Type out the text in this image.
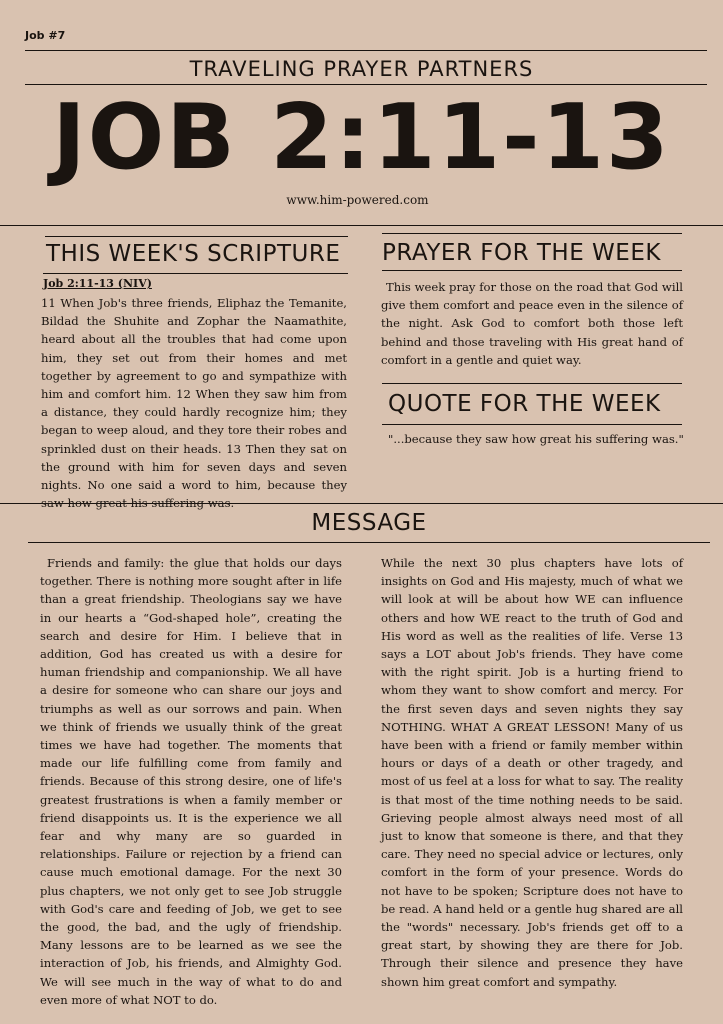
Job #7
TRAVELING PRAYER PARTNERS
JOB 2:11-13
www.him-powered.com
THIS WEEK'S SCRIPTURE
Job 2:11-13 (NIV)
11 When Job's three friends, Eliphaz the Temanite, Bildad the Shuhite and Zophar the Naamathite, heard about all the troubles that had come upon him, they set out from their homes and met together by agreement to go and sympathize with him and comfort him. 12 When they saw him from a distance, they could hardly recognize him; they began to weep aloud, and they tore their robes and sprinkled dust on their heads. 13 Then they sat on the ground with him for seven days and seven nights. No one said a word to him, because they saw how great his suffering was.
PRAYER FOR THE WEEK
This week pray for those on the road that God will give them comfort and peace even in the silence of the night. Ask God to comfort both those left behind and those traveling with His great hand of comfort in a gentle and quiet way.
QUOTE FOR THE WEEK
"...because they saw how great his suffering was."
MESSAGE
Friends and family: the glue that holds our days together. There is nothing more sought after in life than a great friendship. Theologians say we have in our hearts a “God-shaped hole”, creating the search and desire for Him. I believe that in addition, God has created us with a desire for human friendship and companionship. We all have a desire for someone who can share our joys and triumphs as well as our sorrows and pain. When we think of friends we usually think of the great times we have had together. The moments that made our life fulfilling come from family and friends. Because of this strong desire, one of life's greatest frustrations is when a family member or friend disappoints us. It is the experience we all fear and why many are so guarded in relationships. Failure or rejection by a friend can cause much emotional damage. For the next 30 plus chapters, we not only get to see Job struggle with God's care and feeding of Job, we get to see the good, the bad, and the ugly of friendship. Many lessons are to be learned as we see the interaction of Job, his friends, and Almighty God. We will see much in the way of what to do and even more of what NOT to do.
While the next 30 plus chapters have lots of insights on God and His majesty, much of what we will look at will be about how WE can influence others and how WE react to the truth of God and His word as well as the realities of life. Verse 13 says a LOT about Job's friends. They have come with the right spirit. Job is a hurting friend to whom they want to show comfort and mercy. For the first seven days and seven nights they say NOTHING. WHAT A GREAT LESSON! Many of us have been with a friend or family member within hours or days of a death or other tragedy, and most of us feel at a loss for what to say. The reality is that most of the time nothing needs to be said. Grieving people almost always need most of all just to know that someone is there, and that they care. They need no special advice or lectures, only comfort in the form of your presence. Words do not have to be spoken; Scripture does not have to be read. A hand held or a gentle hug shared are all the "words" necessary. Job's friends get off to a great start, by showing they are there for Job. Through their silence and presence they have shown him great comfort and sympathy.
